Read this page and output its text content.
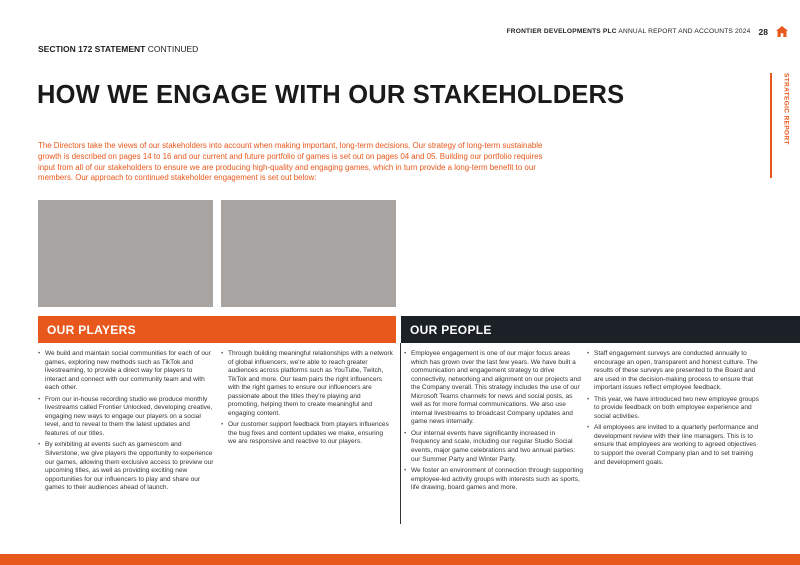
FRONTIER DEVELOPMENTS PLC ANNUAL REPORT AND ACCOUNTS 2024 28
SECTION 172 STATEMENT CONTINUED
HOW WE ENGAGE WITH OUR STAKEHOLDERS

The Directors take the views of our stakeholders into account when making important, long-term decisions. Our strategy of long-term sustainable growth is described on pages 14 to 16 and our current and future portfolio of games is set out on pages 04 and 05. Building our portfolio requires input from all of our stakeholders to ensure we are producing high-quality and engaging games, which in turn provide a long-term benefit to our members. Our approach to continued stakeholder engagement is set out below:

STRATEGIC REPORT
OUR PLAYERS	OUR PEOPLE
• We build and maintain social communities for each of our games, exploring new methods such as TikTok and livestreaming, to provide a direct way for players to interact and connect with our community team and with each other.
• From our in-house recording studio we produce monthly livestreams called Frontier Unlocked, developing creative, engaging new ways to engage our players on a social level, and to reveal to them the latest updates and features of our titles.
• By exhibiting at events such as gamescom and Silverstone, we give players the opportunity to experience our games, allowing them exclusive access to preview our upcoming titles, as well as providing exciting new opportunities for our influencers to play and share our games to their audiences ahead of launch.
• Through building meaningful relationships with a network of global influencers, we're able to reach greater audiences across platforms such as YouTube, Twitch, TikTok and more. Our team pairs the right influencers with the right games to ensure our influencers are passionate about the titles they're playing and promoting, helping them to create meaningful and engaging content.
• Our customer support feedback from players influences the bug fixes and content updates we make, ensuring we are responsive and reactive to our players.
• Employee engagement is one of our major focus areas which has grown over the last few years. We have built a communication and engagement strategy to drive connectivity, networking and alignment on our projects and the Company overall. This strategy includes the use of our Microsoft Teams channels for news and social posts, as well as for more formal communications. We also use internal livestreams to broadcast Company updates and game news internally.
• Our internal events have significantly increased in frequency and scale, including our regular Studio Social events, major game celebrations and two annual parties: our Summer Party and Winter Party.
• We foster an environment of connection through supporting employee-led activity groups with interests such as sports, life drawing, board games and more.
• Staff engagement surveys are conducted annually to encourage an open, transparent and honest culture. The results of these surveys are presented to the Board and are used in the decision-making process to ensure that important issues reflect employee feedback.
• This year, we have introduced two new employee groups to provide feedback on both employee experience and social activities.
• All employees are invited to a quarterly performance and development review with their line managers. This is to ensure that employees are working to agreed objectives to support the overall Company plan and to set training and development goals.
